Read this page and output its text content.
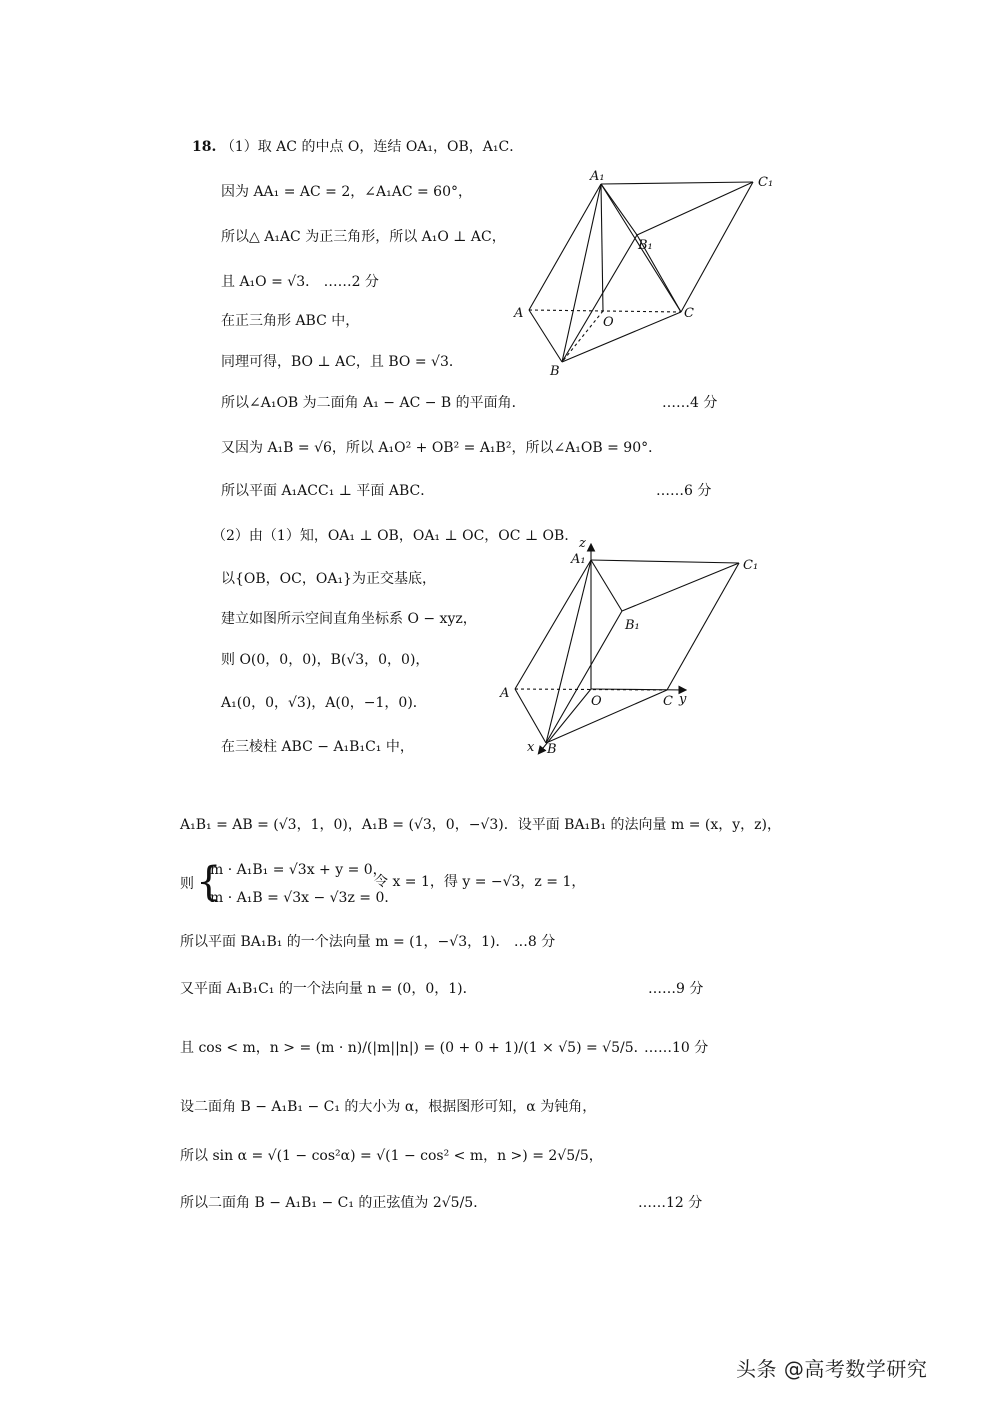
18. （1）取 AC 的中点 O，连结 OA₁，OB，A₁C．
因为 AA₁ = AC = 2，∠A₁AC = 60°，
所以△ A₁AC 为正三角形，所以 A₁O ⊥ AC，
且 A₁O = √3． ……2 分
在正三角形 ABC 中，
同理可得，BO ⊥ AC，且 BO = √3．
所以∠A₁OB 为二面角 A₁ − AC − B 的平面角．	……4 分
又因为 A₁B = √6，所以 A₁O² + OB² = A₁B²，所以∠A₁OB = 90°．
所以平面 A₁ACC₁ ⊥ 平面 ABC．	……6 分
A₁	C₁
B₁
A
O
C
B
（2）由（1）知，OA₁ ⊥ OB，OA₁ ⊥ OC，OC ⊥ OB．
以{OB，OC，OA₁}为正交基底，
建立如图所示空间直角坐标系 O − xyz，
则 O(0，0，0)，B(√3，0，0)，
A₁(0，0，√3)，A(0，−1，0)．
在三棱柱 ABC − A₁B₁C₁ 中，
z
A₁	C₁
B₁
A
O	C y
x B
A₁B₁ = AB = (√3，1，0)，A₁B = (√3，0，−√3)．设平面 BA₁B₁ 的法向量 m = (x，y，z)，
则 {
m · A₁B₁ = √3x + y = 0，
m · A₁B = √3x − √3z = 0．
令 x = 1，得 y = −√3，z = 1，
所以平面 BA₁B₁ 的一个法向量 m = (1，−√3，1)． …8 分
又平面 A₁B₁C₁ 的一个法向量 n = (0，0，1)．	……9 分
且 cos < m，n > = (m · n)/(|m||n|) = (0 + 0 + 1)/(1 × √5) = √5/5．
……10 分
设二面角 B − A₁B₁ − C₁ 的大小为 α，根据图形可知，α 为钝角，
所以 sin α = √(1 − cos²α) = √(1 − cos² < m，n >) = 2√5/5，
所以二面角 B − A₁B₁ − C₁ 的正弦值为 2√5/5．	……12 分
头条 @高考数学研究
